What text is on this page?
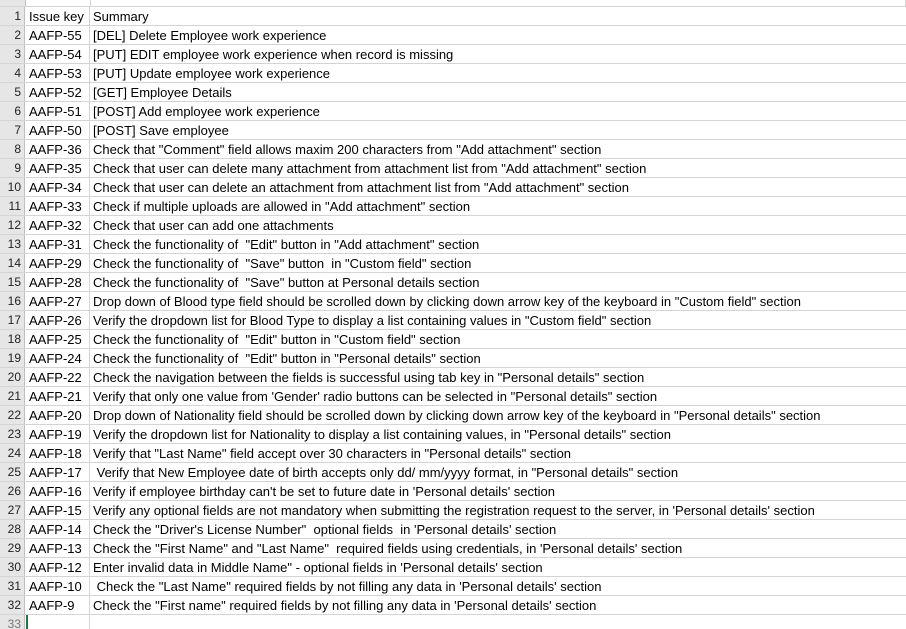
1 Issue key Summary
2 AAFP-55 [DEL] Delete Employee work experience
3 AAFP-54 [PUT] EDIT employee work experience when record is missing
4 AAFP-53 [PUT] Update employee work experience
5 AAFP-52 [GET] Employee Details
6 AAFP-51 [POST] Add employee work experience
7 AAFP-50 [POST] Save employee
8 AAFP-36 Check that "Comment" field allows maxim 200 characters from "Add attachment" section
9 AAFP-35 Check that user can delete many attachment from attachment list from "Add attachment" section
10 AAFP-34 Check that user can delete an attachment from attachment list from "Add attachment" section
11 AAFP-33 Check if multiple uploads are allowed in "Add attachment" section
12 AAFP-32 Check that user can add one attachments
13 AAFP-31 Check the functionality of  "Edit" button in "Add attachment" section
14 AAFP-29 Check the functionality of  "Save" button  in "Custom field" section
15 AAFP-28 Check the functionality of  "Save" button at Personal details section
16 AAFP-27 Drop down of Blood type field should be scrolled down by clicking down arrow key of the keyboard in "Custom field" section
17 AAFP-26 Verify the dropdown list for Blood Type to display a list containing values in "Custom field" section
18 AAFP-25 Check the functionality of  "Edit" button in "Custom field" section
19 AAFP-24 Check the functionality of  "Edit" button in "Personal details" section
20 AAFP-22 Check the navigation between the fields is successful using tab key in "Personal details" section
21 AAFP-21 Verify that only one value from 'Gender' radio buttons can be selected in "Personal details" section
22 AAFP-20 Drop down of Nationality field should be scrolled down by clicking down arrow key of the keyboard in "Personal details" section
23 AAFP-19 Verify the dropdown list for Nationality to display a list containing values, in "Personal details" section
24 AAFP-18 Verify that "Last Name" field accept over 30 characters in "Personal details" section
25 AAFP-17 Verify that New Employee date of birth accepts only dd/ mm/yyyy format, in "Personal details" section
26 AAFP-16 Verify if employee birthday can't be set to future date in 'Personal details' section
27 AAFP-15 Verify any optional fields are not mandatory when submitting the registration request to the server, in 'Personal details' section
28 AAFP-14 Check the "Driver's License Number"  optional fields  in 'Personal details' section
29 AAFP-13 Check the "First Name" and "Last Name"  required fields using credentials, in 'Personal details' section
30 AAFP-12 Enter invalid data in Middle Name" - optional fields in 'Personal details' section
31 AAFP-10 Check the "Last Name" required fields by not filling any data in 'Personal details' section
32 AAFP-9	Check the "First name" required fields by not filling any data in 'Personal details' section
33
